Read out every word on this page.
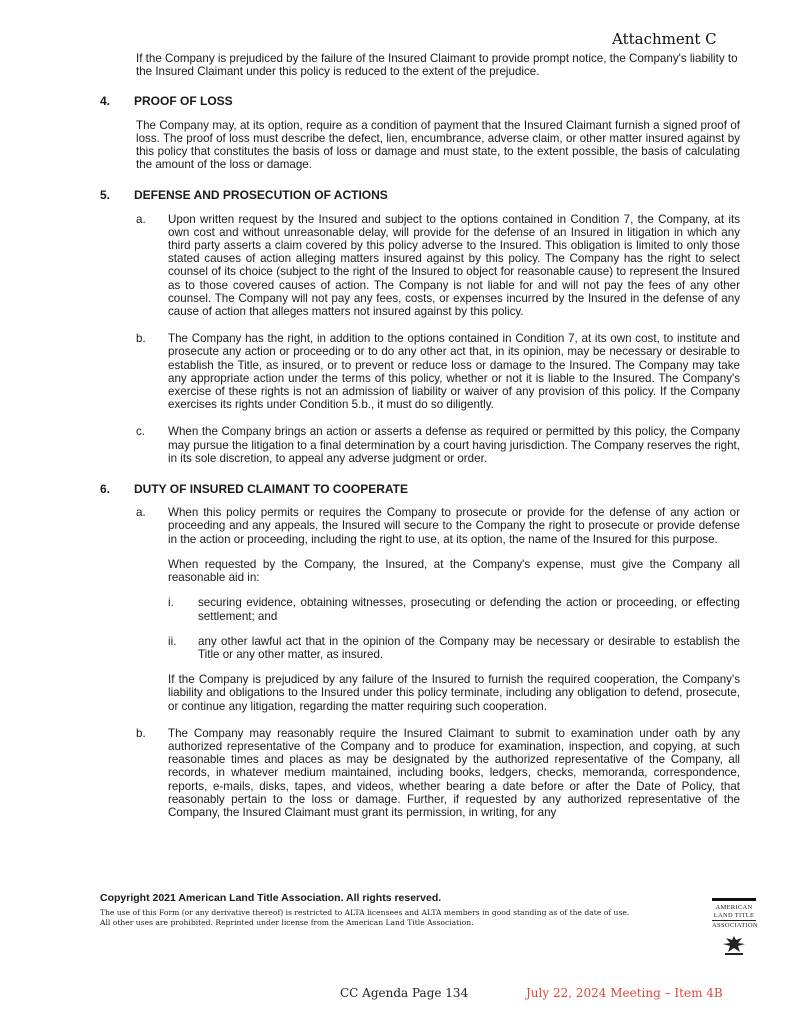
Attachment C

If the Company is prejudiced by the failure of the Insured Claimant to provide prompt notice, the Company's liability to the Insured Claimant under this policy is reduced to the extent of the prejudice.

4.	PROOF OF LOSS

The Company may, at its option, require as a condition of payment that the Insured Claimant furnish a signed proof of loss. The proof of loss must describe the defect, lien, encumbrance, adverse claim, or other matter insured against by this policy that constitutes the basis of loss or damage and must state, to the extent possible, the basis of calculating the amount of the loss or damage.

5.	DEFENSE AND PROSECUTION OF ACTIONS
a.	Upon written request by the Insured and subject to the options contained in Condition 7, the Company, at its own cost and without unreasonable delay, will provide for the defense of an Insured in litigation in which any third party asserts a claim covered by this policy adverse to the Insured. This obligation is limited to only those stated causes of action alleging matters insured against by this policy. The Company has the right to select counsel of its choice (subject to the right of the Insured to object for reasonable cause) to represent the Insured as to those covered causes of action. The Company is not liable for and will not pay the fees of any other counsel. The Company will not pay any fees, costs, or expenses incurred by the Insured in the defense of any cause of action that alleges matters not insured against by this policy.

b.	The Company has the right, in addition to the options contained in Condition 7, at its own cost, to institute and prosecute any action or proceeding or to do any other act that, in its opinion, may be necessary or desirable to establish the Title, as insured, or to prevent or reduce loss or damage to the Insured. The Company may take any appropriate action under the terms of this policy, whether or not it is liable to the Insured. The Company's exercise of these rights is not an admission of liability or waiver of any provision of this policy. If the Company exercises its rights under Condition 5.b., it must do so diligently.

c.	When the Company brings an action or asserts a defense as required or permitted by this policy, the Company may pursue the litigation to a final determination by a court having jurisdiction. The Company reserves the right, in its sole discretion, to appeal any adverse judgment or order.

6.	DUTY OF INSURED CLAIMANT TO COOPERATE
a.	When this policy permits or requires the Company to prosecute or provide for the defense of any action or proceeding and any appeals, the Insured will secure to the Company the right to prosecute or provide defense in the action or proceeding, including the right to use, at its option, the name of the Insured for this purpose.

When requested by the Company, the Insured, at the Company's expense, must give the Company all reasonable aid in:

i.	securing evidence, obtaining witnesses, prosecuting or defending the action or proceeding, or effecting settlement; and
ii.	any other lawful act that in the opinion of the Company may be necessary or desirable to establish the Title or any other matter, as insured.

If the Company is prejudiced by any failure of the Insured to furnish the required cooperation, the Company's liability and obligations to the Insured under this policy terminate, including any obligation to defend, prosecute, or continue any litigation, regarding the matter requiring such cooperation.

b.	The Company may reasonably require the Insured Claimant to submit to examination under oath by any authorized representative of the Company and to produce for examination, inspection, and copying, at such reasonable times and places as may be designated by the authorized representative of the Company, all records, in whatever medium maintained, including books, ledgers, checks, memoranda, correspondence, reports, e-mails, disks, tapes, and videos, whether bearing a date before or after the Date of Policy, that reasonably pertain to the loss or damage. Further, if requested by any authorized representative of the Company, the Insured Claimant must grant its permission, in writing, for any

Copyright 2021 American Land Title Association. All rights reserved.
The use of this Form (or any derivative thereof) is restricted to ALTA licensees and ALTA members in good standing as of the date of use.
All other uses are prohibited. Reprinted under license from the American Land Title Association.
AMERICAN
LAND TITLE
ASSOCIATION
CC Agenda Page 134	July 22, 2024 Meeting – Item 4B
